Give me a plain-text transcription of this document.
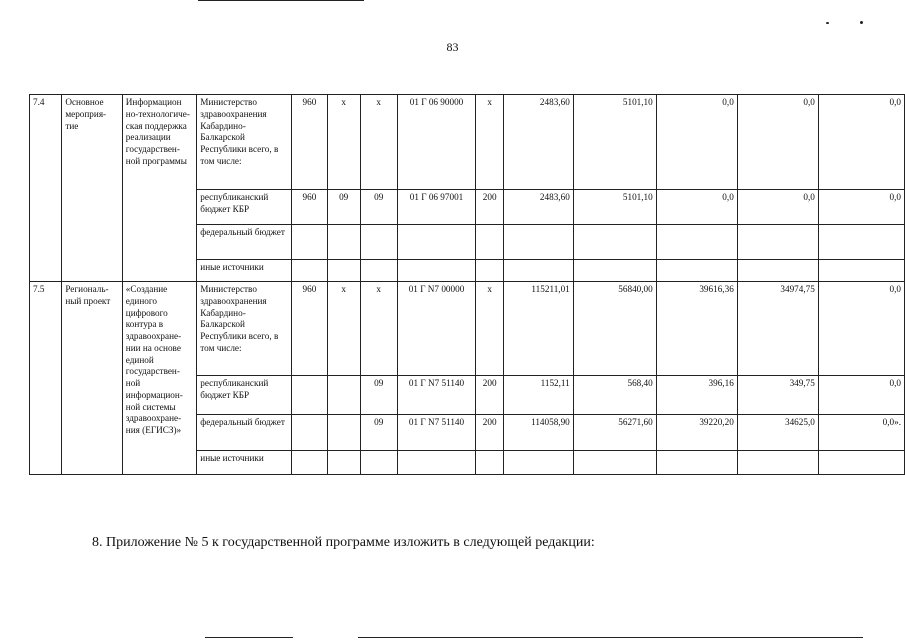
83
7.4	Основное мероприя-тие	Информацион но-технологиче-ская поддержка реализации государствен-ной программы	Министерство здравоохранения Кабардино-Балкарской Республики всего, в том числе:	960	x	x	01 Г 06 90000	x	2483,60	5101,10	0,0	0,0	0,0
			республиканский бюджет КБР	960	09	09	01 Г 06 97001	200	2483,60	5101,10	0,0	0,0	0,0
			федеральный бюджет										
			иные источники										
7.5	Региональ-ный проект	«Создание единого цифрового контура в здравоохране-нии на основе единой государствен-ной информацион-ной системы здравоохране-ния (ЕГИСЗ)»	Министерство здравоохранения Кабардино-Балкарской Республики всего, в том числе:	960	x	x	01 Г N7 00000	x	115211,01	56840,00	39616,36	34974,75	0,0
			республиканский бюджет КБР			09	01 Г N7 51140	200	1152,11	568,40	396,16	349,75	0,0
			федеральный бюджет			09	01 Г N7 51140	200	114058,90	56271,60	39220,20	34625,0	0,0».
			иные источники										
8. Приложение № 5 к государственной программе изложить в следующей редакции:
